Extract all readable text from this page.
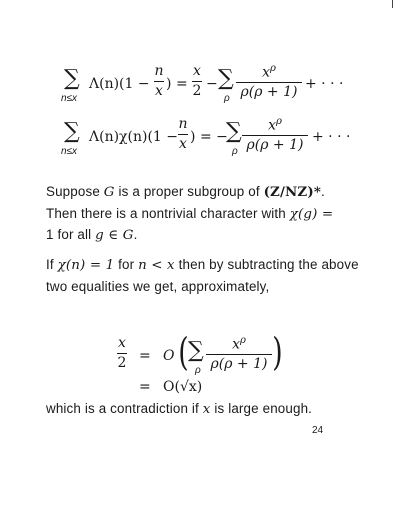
∑
n≤x
Λ(n)(1 −
n
x ) =
x
2 − ∑
ρ
$x^\rho$
ρ(ρ + 1)
+ · · ·
∑
n≤x
Λ(n)χ(n)(1 −
n
x ) = −
∑
ρ
$x^\rho$
ρ(ρ + 1)
+ · · ·
Suppose G is a proper subgroup of (Z/NZ)*.
Then there is a nontrivial character with χ(g) =
1 for all g ∈ G.
If χ(n) = 1 for n < x then by subtracting the above two equalities we get, approximately,
x
2 = O ( ∑
ρ
$x^\rho$
ρ(ρ + 1) )
= O(√x)
which is a contradiction if x is large enough.
24
